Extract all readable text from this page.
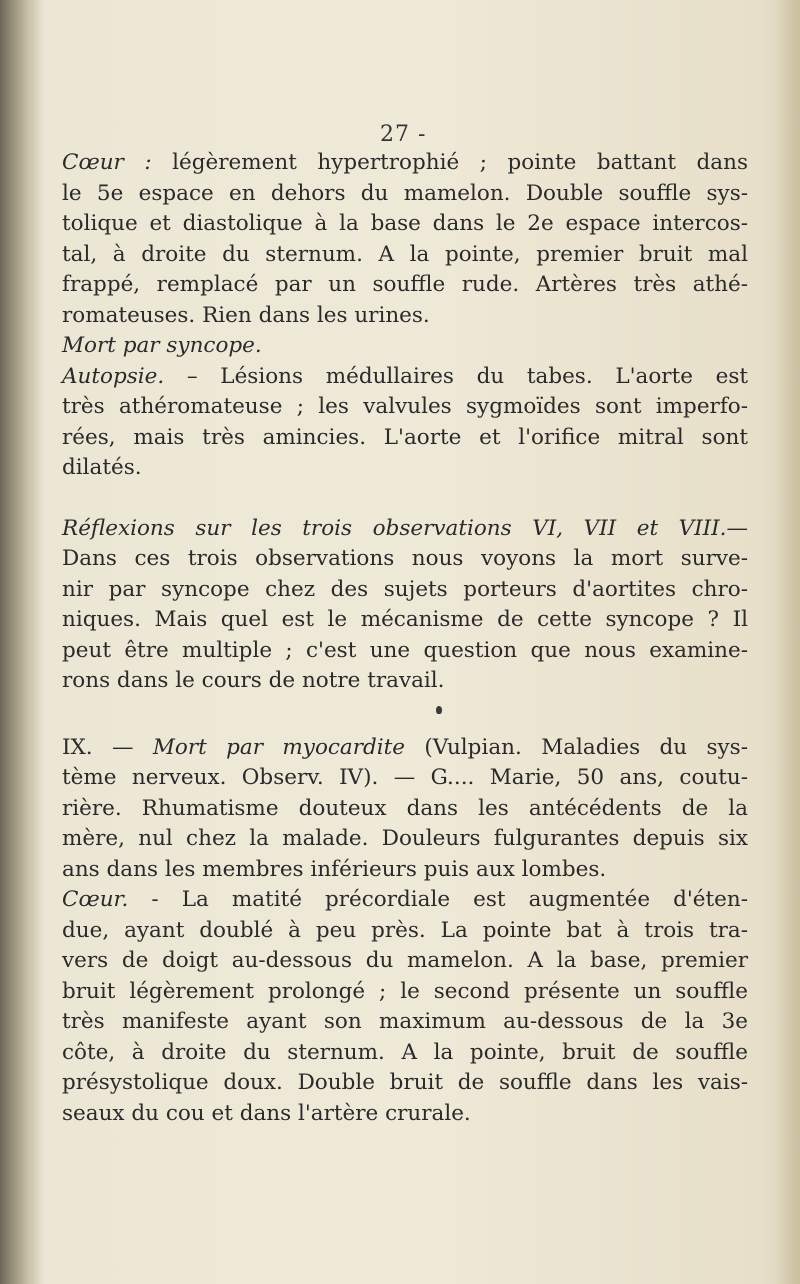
27 -
Cœur : légèrement hypertrophié ; pointe battant dans
le 5e espace en dehors du mamelon. Double souffle sys-
tolique et diastolique à la base dans le 2e espace intercos-
tal, à droite du sternum. A la pointe, premier bruit mal
frappé, remplacé par un souffle rude. Artères très athé-
romateuses. Rien dans les urines.
Mort par syncope.
Autopsie. – Lésions médullaires du tabes. L'aorte est
très athéromateuse ; les valvules sygmoïdes sont imperfo-
rées, mais très amincies. L'aorte et l'orifice mitral sont
dilatés.
Réflexions sur les trois observations VI, VII et VIII.—
Dans ces trois observations nous voyons la mort surve-
nir par syncope chez des sujets porteurs d'aortites chro-
niques. Mais quel est le mécanisme de cette syncope ? Il
peut être multiple ; c'est une question que nous examine-
rons dans le cours de notre travail.
IX. — Mort par myocardite (Vulpian. Maladies du sys-
tème nerveux. Observ. IV). — G.... Marie, 50 ans, coutu-
rière. Rhumatisme douteux dans les antécédents de la
mère, nul chez la malade. Douleurs fulgurantes depuis six
ans dans les membres inférieurs puis aux lombes.
Cœur. - La matité précordiale est augmentée d'éten-
due, ayant doublé à peu près. La pointe bat à trois tra-
vers de doigt au-dessous du mamelon. A la base, premier
bruit légèrement prolongé ; le second présente un souffle
très manifeste ayant son maximum au-dessous de la 3e
côte, à droite du sternum. A la pointe, bruit de souffle
présystolique doux. Double bruit de souffle dans les vais-
seaux du cou et dans l'artère crurale.
